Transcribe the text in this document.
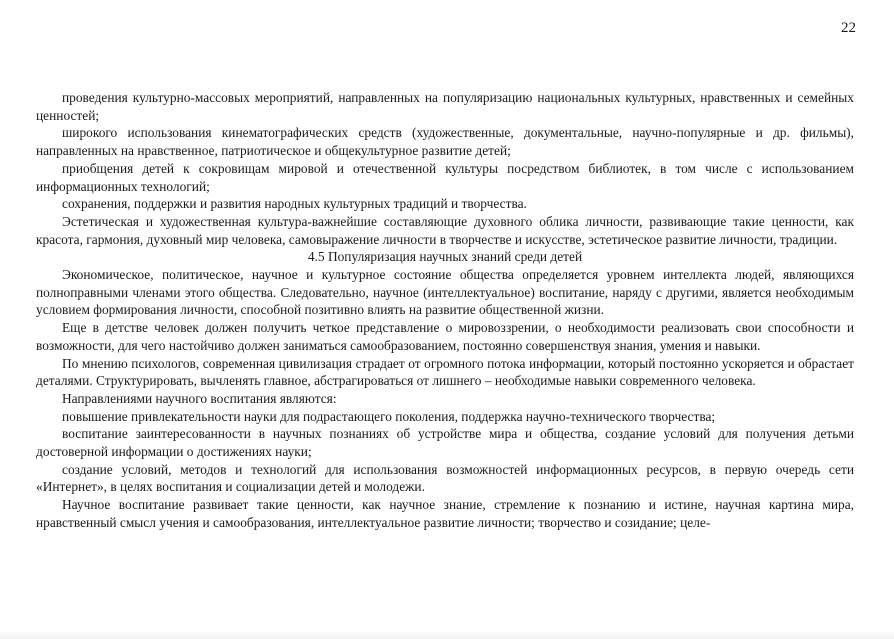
22

проведения культурно-массовых мероприятий, направленных на популяризацию национальных культурных, нравственных и семейных ценностей;

широкого использования кинематографических средств (художественные, документальные, научно-популярные и др. фильмы), направленных на нравственное, патриотическое и общекультурное развитие детей;

приобщения детей к сокровищам мировой и отечественной культуры посредством библиотек, в том числе с использованием информационных технологий;

сохранения, поддержки и развития народных культурных традиций и творчества.

Эстетическая и художественная культура-важнейшие составляющие духовного облика личности, развивающие такие ценности, как красота, гармония, духовный мир человека, самовыражение личности в творчестве и искусстве, эстетическое развитие личности, традиции.

4.5 Популяризация научных знаний среди детей

Экономическое, политическое, научное и культурное состояние общества определяется уровнем интеллекта людей, являющихся полноправными членами этого общества. Следовательно, научное (интеллектуальное) воспитание, наряду с другими, является необходимым условием формирования личности, способной позитивно влиять на развитие общественной жизни.

Еще в детстве человек должен получить четкое представление о мировоззрении, о необходимости реализовать свои способности и возможности, для чего настойчиво должен заниматься самообразованием, постоянно совершенствуя знания, умения и навыки.

По мнению психологов, современная цивилизация страдает от огромного потока информации, который постоянно ускоряется и обрастает деталями. Структурировать, вычленять главное, абстрагироваться от лишнего – необходимые навыки современного человека.

Направлениями научного воспитания являются:

повышение привлекательности науки для подрастающего поколения, поддержка научно-технического творчества;

воспитание заинтересованности в научных познаниях об устройстве мира и общества, создание условий для получения детьми достоверной информации о достижениях науки;

создание условий, методов и технологий для использования возможностей информационных ресурсов, в первую очередь сети «Интернет», в целях воспитания и социализации детей и молодежи.

Научное воспитание развивает такие ценности, как научное знание, стремление к познанию и истине, научная картина мира, нравственный смысл учения и самообразования, интеллектуальное развитие личности; творчество и созидание; целе-
